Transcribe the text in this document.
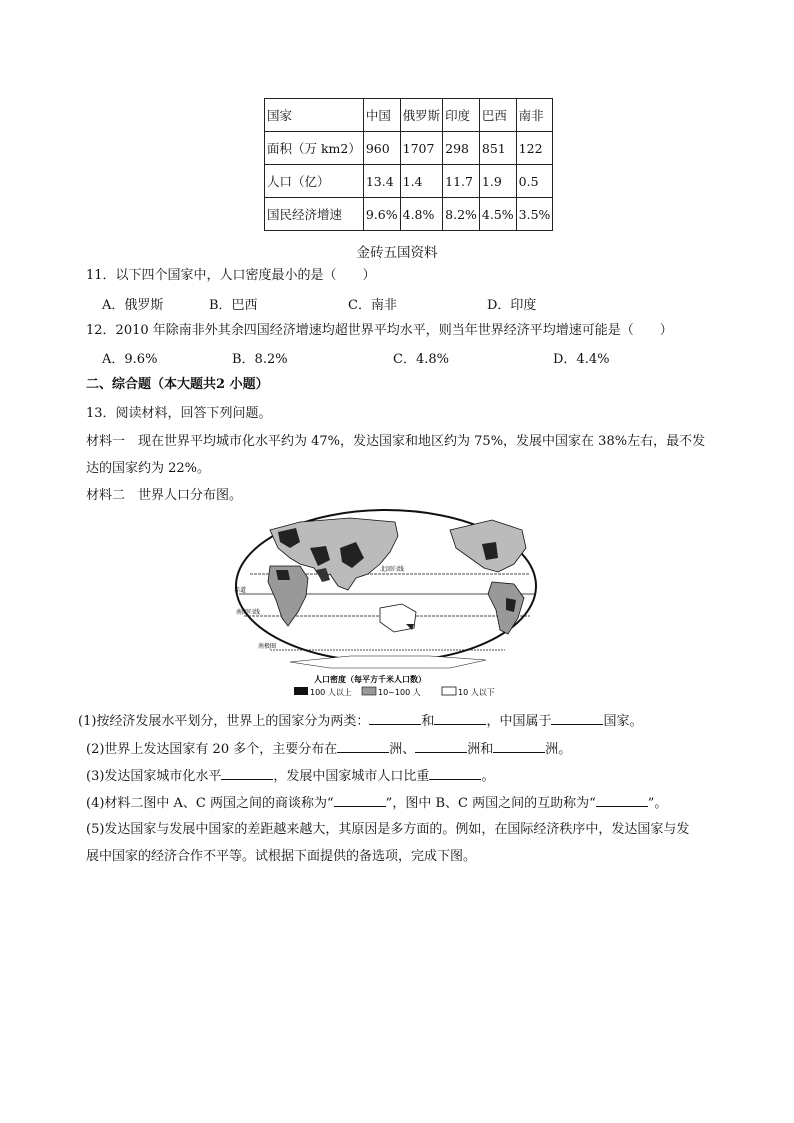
国家	中国	俄罗斯	印度	巴西	南非
面积（万 km2）	960	1707	298	851	122
人口（亿）	13.4	1.4	11.7	1.9	0.5
国民经济增速	9.6%	4.8%	8.2%	4.5%	3.5%
金砖五国资料
11．以下四个国家中，人口密度最小的是（　　）
A．俄罗斯	B．巴西	C．南非	D．印度
12．2010 年除南非外其余四国经济增速均超世界平均水平，则当年世界经济平均增速可能是（　　）
A．9.6%	B．8.2%	C．4.8%	D．4.4%
二、综合题（本大题共2 小题）
13．阅读材料，回答下列问题。
材料一　现在世界平均城市化水平约为 47%，发达国家和地区约为 75%，发展中国家在 38%左右，最不发
达的国家约为 22%。
材料二　世界人口分布图。
北回归线
赤道
南回归线
南极圈
人口密度（每平方千米人口数）
100 人以上	10~100 人	10 人以下
(1)按经济发展水平划分，世界上的国家分为两类：	和	，中国属于	国家。
(2)世界上发达国家有 20 多个，主要分布在	洲、	洲和	洲。
(3)发达国家城市化水平	，发展中国家城市人口比重	。
(4)材料二图中 A、C 两国之间的商谈称为“	”，图中 B、C 两国之间的互助称为“	”。
(5)发达国家与发展中国家的差距越来越大，其原因是多方面的。例如，在国际经济秩序中，发达国家与发
展中国家的经济合作不平等。试根据下面提供的备选项，完成下图。
